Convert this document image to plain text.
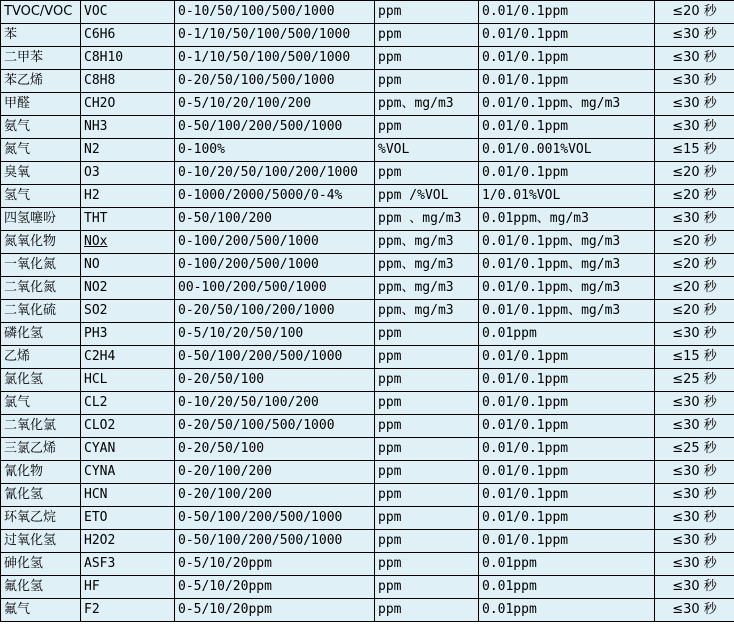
TVOC/VOC	VOC	0-10/50/100/500/1000	ppm	0.01/0.1ppm	≤20 秒
苯	C6H6	0-1/10/50/100/500/1000	ppm	0.01/0.1ppm	≤30 秒
二甲苯	C8H10	0-1/10/50/100/500/1000	ppm	0.01/0.1ppm	≤30 秒
苯乙烯	C8H8	0-20/50/100/500/1000	ppm	0.01/0.1ppm	≤30 秒
甲醛	CH2O	0-5/10/20/100/200	ppm、mg/m3	0.01/0.1ppm、mg/m3	≤30 秒
氨气	NH3	0-50/100/200/500/1000	ppm	0.01/0.1ppm	≤30 秒
氮气	N2	0-100%	%VOL	0.01/0.001%VOL	≤15 秒
臭氧	O3	0-10/20/50/100/200/1000	ppm	0.01/0.1ppm	≤20 秒
氢气	H2	0-1000/2000/5000/0-4%	ppm /%VOL	1/0.01%VOL	≤20 秒
四氢噻吩	THT	0-50/100/200	ppm 、mg/m3	0.01ppm、mg/m3	≤30 秒
氮氧化物	NOx	0-100/200/500/1000	ppm、mg/m3	0.01/0.1ppm、mg/m3	≤20 秒
一氧化氮	NO	0-100/200/500/1000	ppm、mg/m3	0.01/0.1ppm、mg/m3	≤20 秒
二氧化氮	NO2	00-100/200/500/1000	ppm、mg/m3	0.01/0.1ppm、mg/m3	≤20 秒
二氧化硫	SO2	0-20/50/100/200/1000	ppm、mg/m3	0.01/0.1ppm、mg/m3	≤20 秒
磷化氢	PH3	0-5/10/20/50/100	ppm	0.01ppm	≤30 秒
乙烯	C2H4	0-50/100/200/500/1000	ppm	0.01/0.1ppm	≤15 秒
氯化氢	HCL	0-20/50/100	ppm	0.01/0.1ppm	≤25 秒
氯气	CL2	0-10/20/50/100/200	ppm	0.01/0.1ppm	≤30 秒
二氧化氯	CLO2	0-20/50/100/500/1000	ppm	0.01/0.1ppm	≤30 秒
三氯乙烯	CYAN	0-20/50/100	ppm	0.01/0.1ppm	≤25 秒
氰化物	CYNA	0-20/100/200	ppm	0.01/0.1ppm	≤30 秒
氰化氢	HCN	0-20/100/200	ppm	0.01/0.1ppm	≤30 秒
环氧乙烷	ETO	0-50/100/200/500/1000	ppm	0.01/0.1ppm	≤30 秒
过氧化氢	H2O2	0-50/100/200/500/1000	ppm	0.01/0.1ppm	≤30 秒
砷化氢	ASF3	0-5/10/20ppm	ppm	0.01ppm	≤30 秒
氟化氢	HF	0-5/10/20ppm	ppm	0.01ppm	≤30 秒
氟气	F2	0-5/10/20ppm	ppm	0.01ppm	≤30 秒
